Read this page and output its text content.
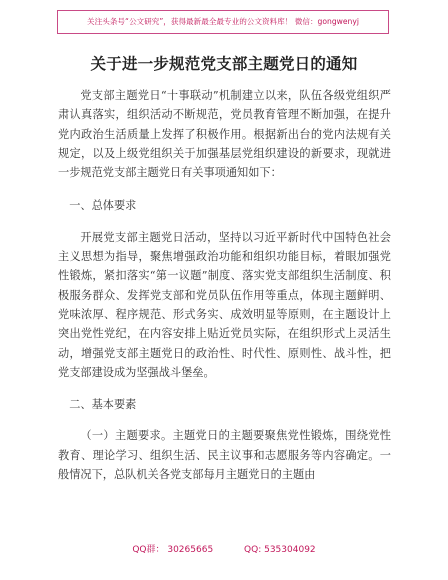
关注头条号“公文研究”，获得最新最全最专业的公文资料库！ 微信：gongwenyj
关于进一步规范党支部主题党日的通知

党支部主题党日“十事联动”机制建立以来，队伍各级党组织严肃认真落实，组织活动不断规范，党员教育管理不断加强，在提升党内政治生活质量上发挥了积极作用。根据新出台的党内法规有关规定，以及上级党组织关于加强基层党组织建设的新要求，现就进一步规范党支部主题党日有关事项通知如下：

一、总体要求

开展党支部主题党日活动，坚持以习近平新时代中国特色社会主义思想为指导，聚焦增强政治功能和组织功能目标，着眼加强党性锻炼，紧扣落实“第一议题”制度、落实党支部组织生活制度、积极服务群众、发挥党支部和党员队伍作用等重点，体现主题鲜明、党味浓厚、程序规范、形式务实、成效明显等原则，在主题设计上突出党性党纪，在内容安排上贴近党员实际，在组织形式上灵活生动，增强党支部主题党日的政治性、时代性、原则性、战斗性，把党支部建设成为坚强战斗堡垒。

二、基本要素

（一）主题要求。主题党日的主题要聚焦党性锻炼，围绕党性教育、理论学习、组织生活、民主议事和志愿服务等内容确定。一般情况下，总队机关各党支部每月主题党日的主题由

QQ群： 30265665	QQ: 535304092
